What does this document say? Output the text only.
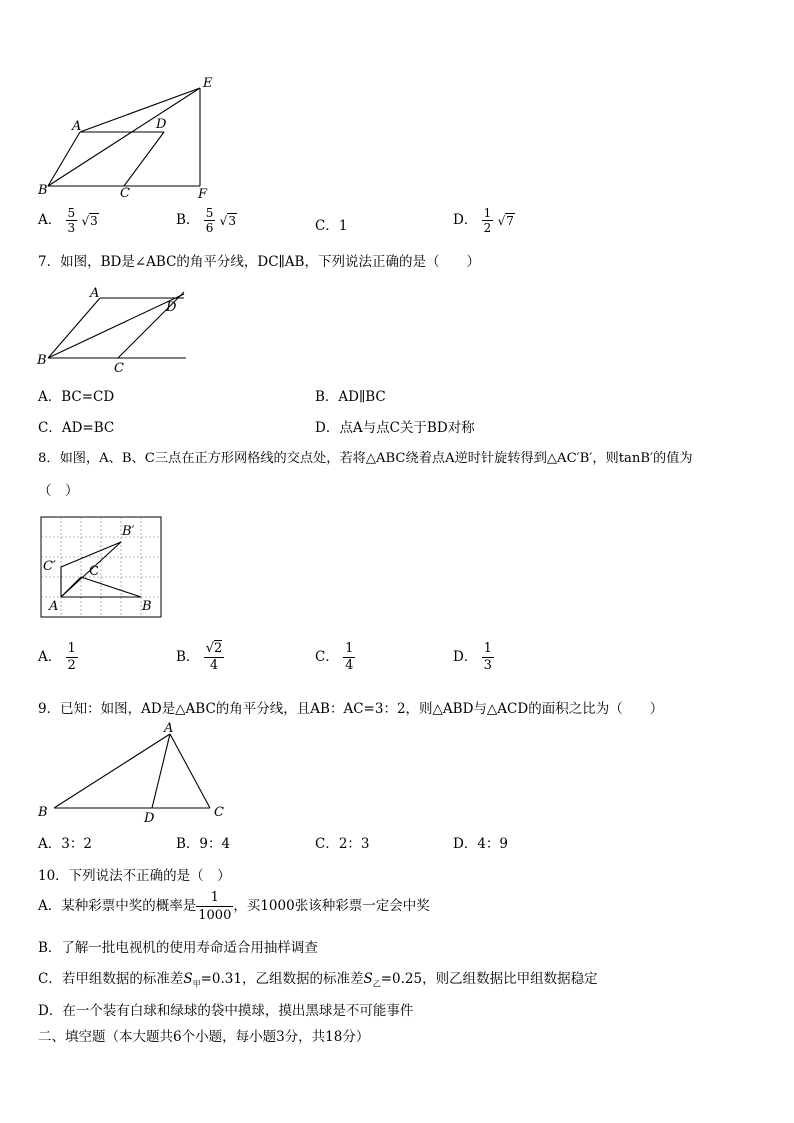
A	D
E
B	C	F
A． $\frac{5}{3} √3$	B． $\frac{5}{6} √3$	C．1	D． $\frac{1}{2} √7$
7．如图，BD是∠ABC的角平分线，DC∥AB，下列说法正确的是（　　）
A
D
B
C
A．BC=CD	B．AD∥BC
C．AD=BC	D．点A与点C关于BD对称
8．如图，A、B、C三点在正方形网格线的交点处，若将△ABC绕着点A逆时针旋转得到△AC′B′，则tanB′的值为
（　）
B′
C′	C
A	B
A． $\frac{1}{2}$	B． $\frac{√2}{4}$	C． $\frac{1}{4}$	D． $\frac{1}{3}$
9．已知：如图，AD是△ABC的角平分线，且AB：AC=3：2，则△ABD与△ACD的面积之比为（　　）
A
B	C
D
A．3：2	B．9：4	C．2：3	D．4：9
10．下列说法不正确的是（　）
A．某种彩票中奖的概率是 $\frac{1}{1000}$ ，买1000张该种彩票一定会中奖
B．了解一批电视机的使用寿命适合用抽样调查
C．若甲组数据的标准差$S_甲=0.31$，乙组数据的标准差$S_乙=0.25$，则乙组数据比甲组数据稳定
D．在一个装有白球和绿球的袋中摸球，摸出黑球是不可能事件
二、填空题（本大题共6个小题，每小题3分，共18分）
